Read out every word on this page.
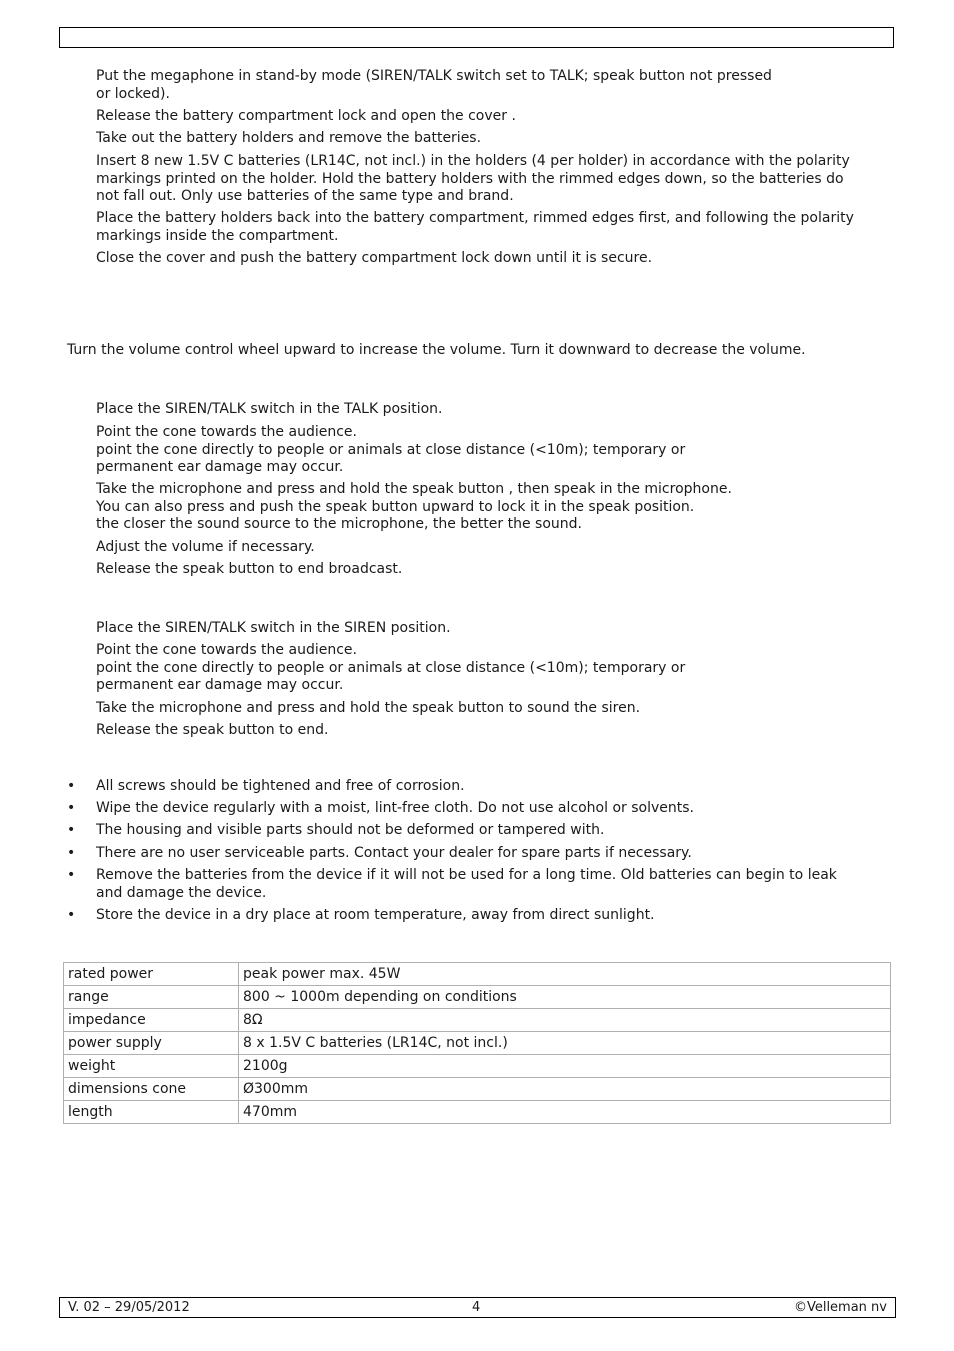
Put the megaphone in stand-by mode (SIREN/TALK switch set to TALK; speak button not pressed
or locked).
Release the battery compartment lock and open the cover .
Take out the battery holders and remove the batteries.
Insert 8 new 1.5V C batteries (LR14C, not incl.) in the holders (4 per holder) in accordance with the polarity
markings printed on the holder. Hold the battery holders with the rimmed edges down, so the batteries do
not fall out. Only use batteries of the same type and brand.
Place the battery holders back into the battery compartment, rimmed edges first, and following the polarity
markings inside the compartment.
Close the cover and push the battery compartment lock down until it is secure.
Turn the volume control wheel upward to increase the volume. Turn it downward to decrease the volume.
Place the SIREN/TALK switch in the TALK position.
Point the cone towards the audience.
point the cone directly to people or animals at close distance (<10m); temporary or
permanent ear damage may occur.
Take the microphone and press and hold the speak button , then speak in the microphone.
You can also press and push the speak button upward to lock it in the speak position.
the closer the sound source to the microphone, the better the sound.
Adjust the volume if necessary.
Release the speak button to end broadcast.
Place the SIREN/TALK switch in the SIREN position.
Point the cone towards the audience.
point the cone directly to people or animals at close distance (<10m); temporary or
permanent ear damage may occur.
Take the microphone and press and hold the speak button to sound the siren.
Release the speak button to end.
• All screws should be tightened and free of corrosion.
• Wipe the device regularly with a moist, lint-free cloth. Do not use alcohol or solvents.
• The housing and visible parts should not be deformed or tampered with.
• There are no user serviceable parts. Contact your dealer for spare parts if necessary.
• Remove the batteries from the device if it will not be used for a long time. Old batteries can begin to leak
and damage the device.
• Store the device in a dry place at room temperature, away from direct sunlight.
rated power	peak power max. 45W
range	800 ~ 1000m depending on conditions
impedance	8Ω
power supply	8 x 1.5V C batteries (LR14C, not incl.)
weight	2100g
dimensions cone	Ø300mm
length	470mm
V. 02 – 29/05/2012	4	©Velleman nv
